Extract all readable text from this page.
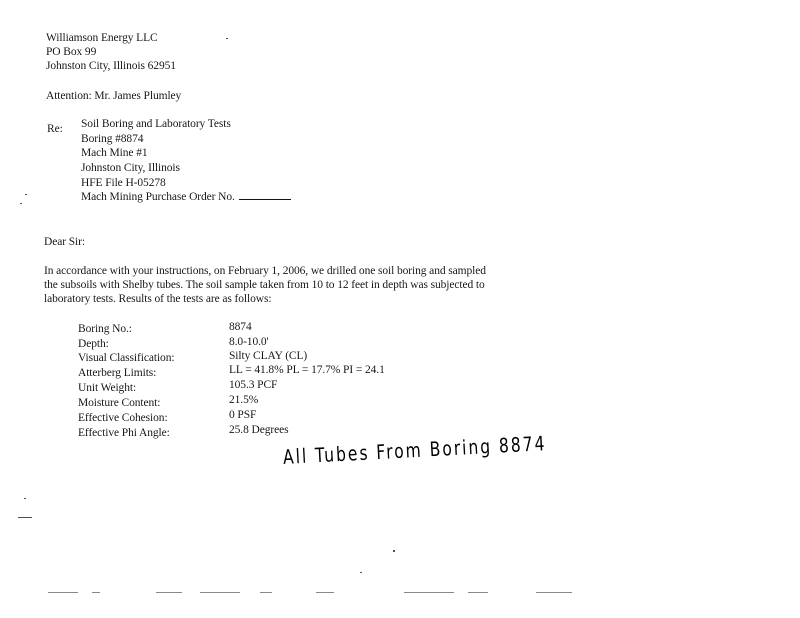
Williamson Energy LLC
PO Box 99
Johnston City, Illinois 62951
Attention: Mr. James Plumley
Re: Soil Boring and Laboratory Tests
Boring #8874
Mach Mine #1
Johnston City, Illinois
HFE File H-05278
Mach Mining Purchase Order No.
Dear Sir:
In accordance with your instructions, on February 1, 2006, we drilled one soil boring and sampled
the subsoils with Shelby tubes. The soil sample taken from 10 to 12 feet in depth was subjected to
laboratory tests. Results of the tests are as follows:
Boring No.:	8874
Depth:	8.0-10.0'
Visual Classification:	Silty CLAY (CL)
Atterberg Limits:	LL = 41.8% PL = 17.7% PI = 24.1
Unit Weight:	105.3 PCF
Moisture Content:	21.5%
Effective Cohesion:	0 PSF
Effective Phi Angle:	25.8 Degrees
All Tubes From Boring 8874
